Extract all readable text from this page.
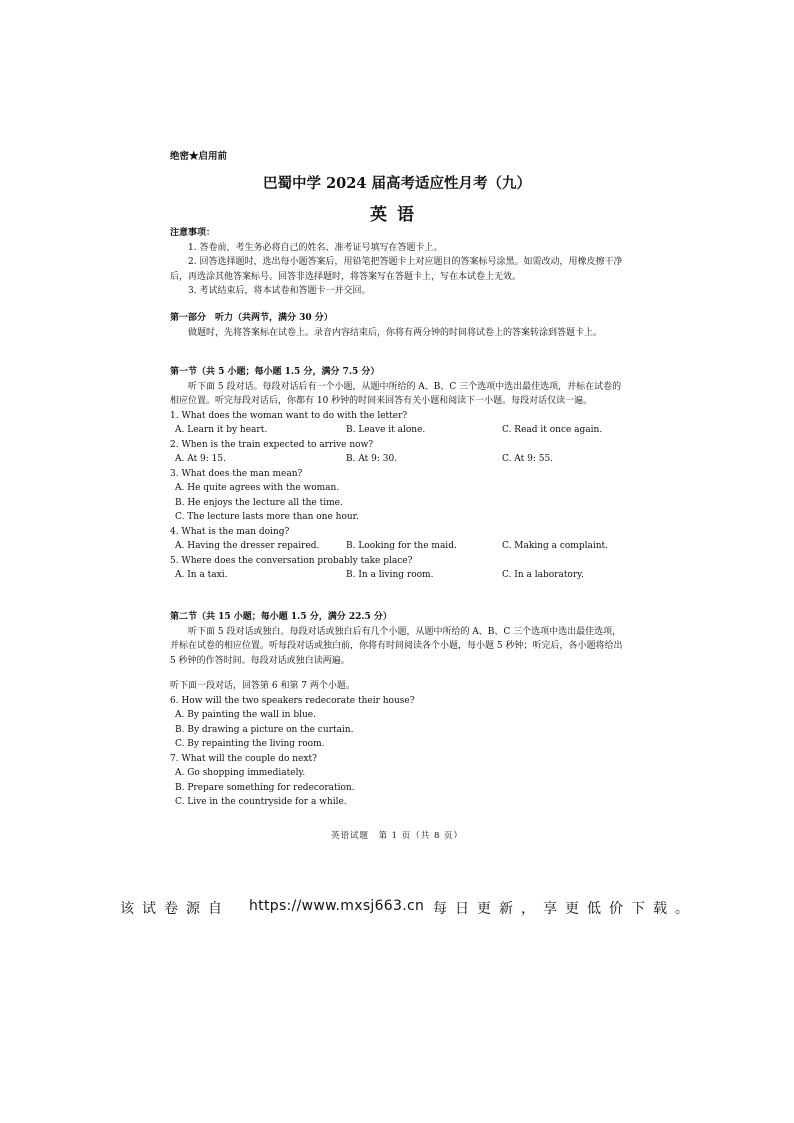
绝密★启用前
巴蜀中学 2024 届高考适应性月考（九）
英语

注意事项：

1. 答卷前，考生务必将自己的姓名、准考证号填写在答题卡上。

2. 回答选择题时，选出每小题答案后，用铅笔把答题卡上对应题目的答案标号涂黑。如需改动，用橡皮擦干净后，再选涂其他答案标号。回答非选择题时，将答案写在答题卡上，写在本试卷上无效。

3. 考试结束后，将本试卷和答题卡一并交回。

第一部分　听力（共两节，满分 30 分）

做题时，先将答案标在试卷上。录音内容结束后，你将有两分钟的时间将试卷上的答案转涂到答题卡上。

第一节（共 5 小题；每小题 1.5 分，满分 7.5 分）

听下面 5 段对话。每段对话后有一个小题，从题中所给的 A、B、C 三个选项中选出最佳选项，并标在试卷的相应位置。听完每段对话后，你都有 10 秒钟的时间来回答有关小题和阅读下一小题。每段对话仅读一遍。

1. What does the woman want to do with the letter?

A. Learn it by heart.	B. Leave it alone.	C. Read it once again.

2. When is the train expected to arrive now?

A. At 9: 15.	B. At 9: 30.	C. At 9: 55.

3. What does the man mean?

A. He quite agrees with the woman.

B. He enjoys the lecture all the time.

C. The lecture lasts more than one hour.

4. What is the man doing?

A. Having the dresser repaired.	B. Looking for the maid.	C. Making a complaint.

5. Where does the conversation probably take place?

A. In a taxi.	B. In a living room.	C. In a laboratory.

第二节（共 15 小题；每小题 1.5 分，满分 22.5 分）

听下面 5 段对话或独白。每段对话或独白后有几个小题，从题中所给的 A、B、C 三个选项中选出最佳选项，并标在试卷的相应位置。听每段对话或独白前，你将有时间阅读各个小题，每小题 5 秒钟；听完后，各小题将给出 5 秒钟的作答时间。每段对话或独白读两遍。

听下面一段对话，回答第 6 和第 7 两个小题。

6. How will the two speakers redecorate their house?

A. By painting the wall in blue.

B. By drawing a picture on the curtain.

C. By repainting the living room.

7. What will the couple do next?

A. Go shopping immediately.

B. Prepare something for redecoration.

C. Live in the countryside for a while.

英语试题　第 1 页（共 8 页）
该试卷源自 https://www.mxsj663.cn 每日更新，享更低价下载。
